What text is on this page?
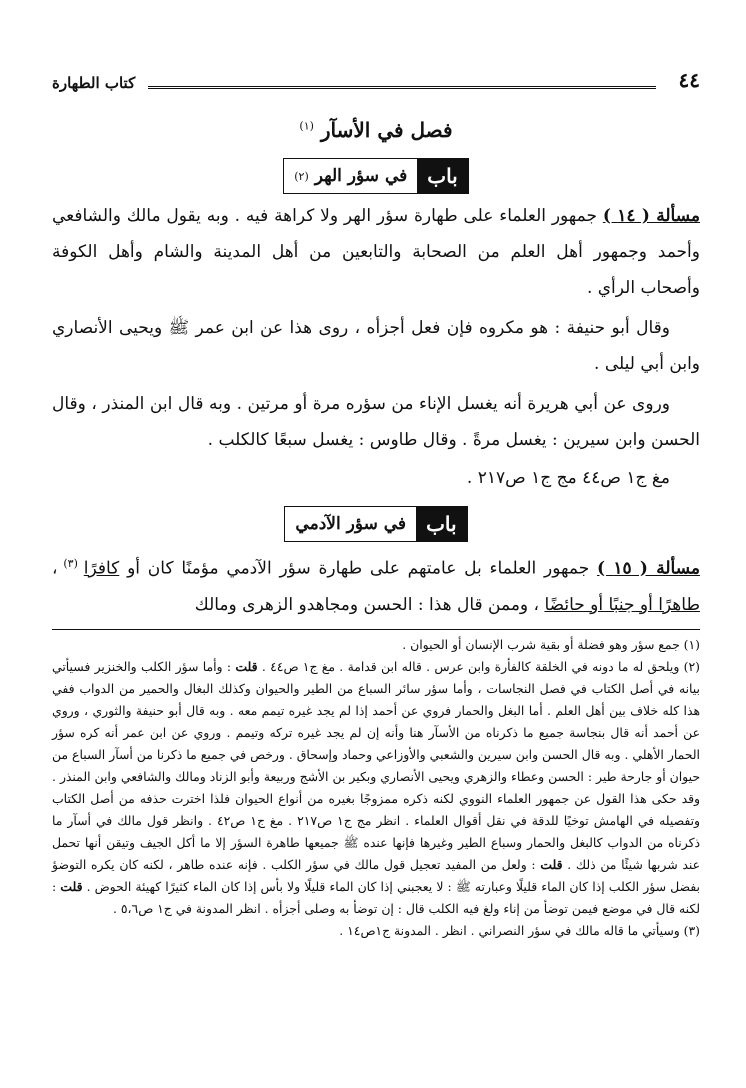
٤٤
كتاب الطهارة
فصل في الأسآر $^{(١)}$
باب
في سؤر الهر
(٢)

مسألة ( ١٤ ) جمهور العلماء على طهارة سؤر الهر ولا كراهة فيه . وبه يقول مالك والشافعي وأحمد وجمهور أهل العلم من الصحابة والتابعين من أهل المدينة والشام وأهل الكوفة وأصحاب الرأي .

وقال أبو حنيفة : هو مكروه فإن فعل أجزأه ، روى هذا عن ابن عمر ﷺ ويحيى الأنصاري وابن أبي ليلى .

وروى عن أبي هريرة أنه يغسل الإناء من سؤره مرة أو مرتين . وبه قال ابن المنذر ، وقال الحسن وابن سيرين : يغسل مرةً . وقال طاوس : يغسل سبعًا كالكلب .

مغ ج١ ص٤٤ مج ج١ ص٢١٧ .

باب
في سؤر الآدمي

مسألة ( ١٥ ) جمهور العلماء بل عامتهم على طهارة سؤر الآدمي مؤمنًا كان أو كافرًا $^{(٣)}$ ، طاهرًا أو جنبًا أو حائضًا ، وممن قال هذا : الحسن ومجاهدو الزهرى ومالك

(١) جمع سؤر وهو فضلة أو بقية شرب الإنسان أو الحيوان .

(٢) ويلحق له ما دونه في الخلقة كالفأرة وابن عرس . قاله ابن قدامة . مغ ج١ ص٤٤ . قلت : وأما سؤر الكلب والخنزير فسيأتي بيانه في أصل الكتاب في فصل النجاسات ، وأما سؤر سائر السباع من الطير والحيوان وكذلك البغال والحمير من الدواب ففي هذا كله خلاف بين أهل العلم . أما البغل والحمار فروي عن أحمد إذا لم يجد غيره تيمم معه . وبه قال أبو حنيفة والثوري ، وروي عن أحمد أنه قال بنجاسة جميع ما ذكرناه من الأسآر هنا وأنه إن لم يجد غيره تركه وتيمم . وروي عن ابن عمر أنه كره سؤر الحمار الأهلي . وبه قال الحسن وابن سيرين والشعبي والأوزاعي وحماد وإسحاق . ورخص في جميع ما ذكرنا من أسآر السباع من حيوان أو جارحة طير : الحسن وعطاء والزهري ويحيى الأنصاري وبكير بن الأشج وربيعة وأبو الزناد ومالك والشافعي وابن المنذر . وقد حكى هذا القول عن جمهور العلماء النووي لكنه ذكره ممزوجًا بغيره من أنواع الحيوان فلذا اخترت حذفه من أصل الكتاب وتفصيله في الهامش توخيًا للدقة في نقل أقوال العلماء . انظر مج ج١ ص٢١٧ . مغ ج١ ص٤٢ . وانظر قول مالك في أسآر ما ذكرناه من الدواب كالبغل والحمار وسباع الطير وغيرها فإنها عنده ﷺ جميعها طاهرة السؤر إلا ما أكل الجيف وتيقن أنها تحمل عند شربها شيئًا من ذلك . قلت : ولعل من المفيد تعجيل قول مالك في سؤر الكلب . فإنه عنده طاهر ، لكنه كان يكره التوضؤ بفضل سؤر الكلب إذا كان الماء قليلًا وعبارته ﷺ : لا يعجبني إذا كان الماء قليلًا ولا بأس إذا كان الماء كثيرًا كهيئة الحوض . قلت : لكنه قال في موضع فيمن توضأ من إناء ولغ فيه الكلب قال : إن توضأ به وصلى أجزأه . انظر المدونة في ج١ ص٥،٦ .

(٣) وسيأتي ما قاله مالك في سؤر النصراني . انظر . المدونة ج١ص١٤ .
